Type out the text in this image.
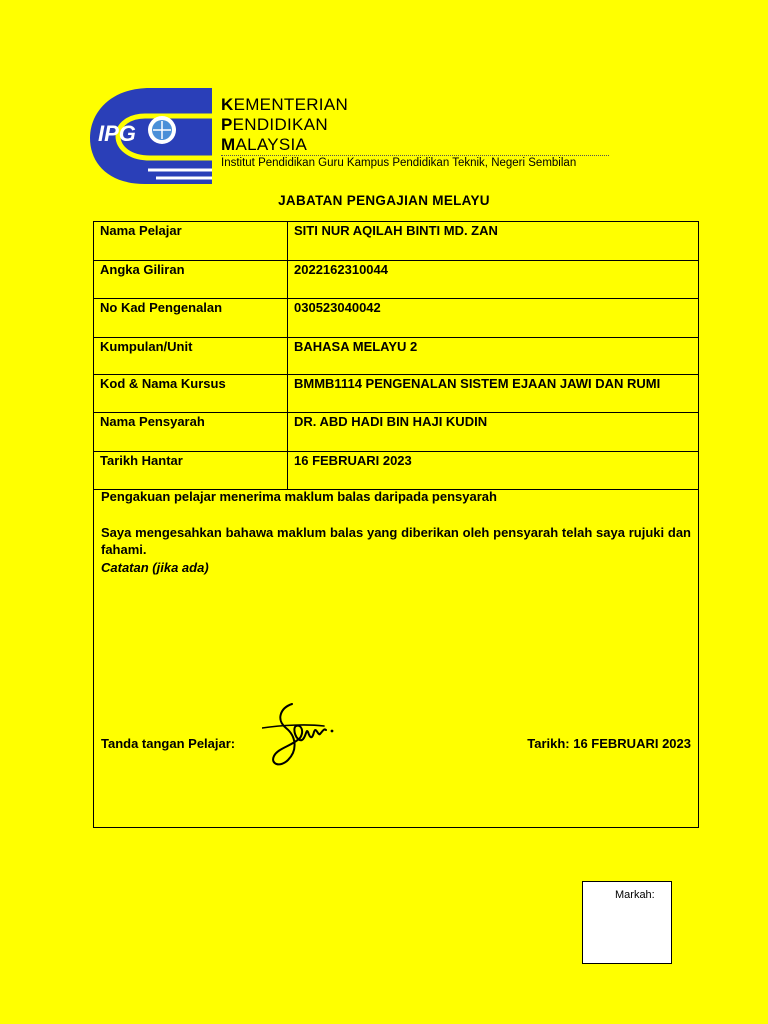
IPG
KEMENTERIAN
PENDIDIKAN
MALAYSIA
Institut Pendidikan Guru Kampus Pendidikan Teknik, Negeri Sembilan
JABATAN PENGAJIAN MELAYU
Nama Pelajar	SITI NUR AQILAH BINTI MD. ZAN
Angka Giliran	2022162310044
No Kad Pengenalan	030523040042
Kumpulan/Unit	BAHASA MELAYU 2
Kod & Nama Kursus	BMMB1114 PENGENALAN SISTEM EJAAN JAWI DAN RUMI
Nama Pensyarah	DR. ABD HADI BIN HAJI KUDIN
Tarikh Hantar	16 FEBRUARI 2023
Pengakuan pelajar menerima maklum balas daripada pensyarah
Saya mengesahkan bahawa maklum balas yang diberikan oleh pensyarah telah saya rujuki dan fahami.
Catatan (jika ada)
Tanda tangan Pelajar:	Tarikh: 16 FEBRUARI 2023
Markah:
